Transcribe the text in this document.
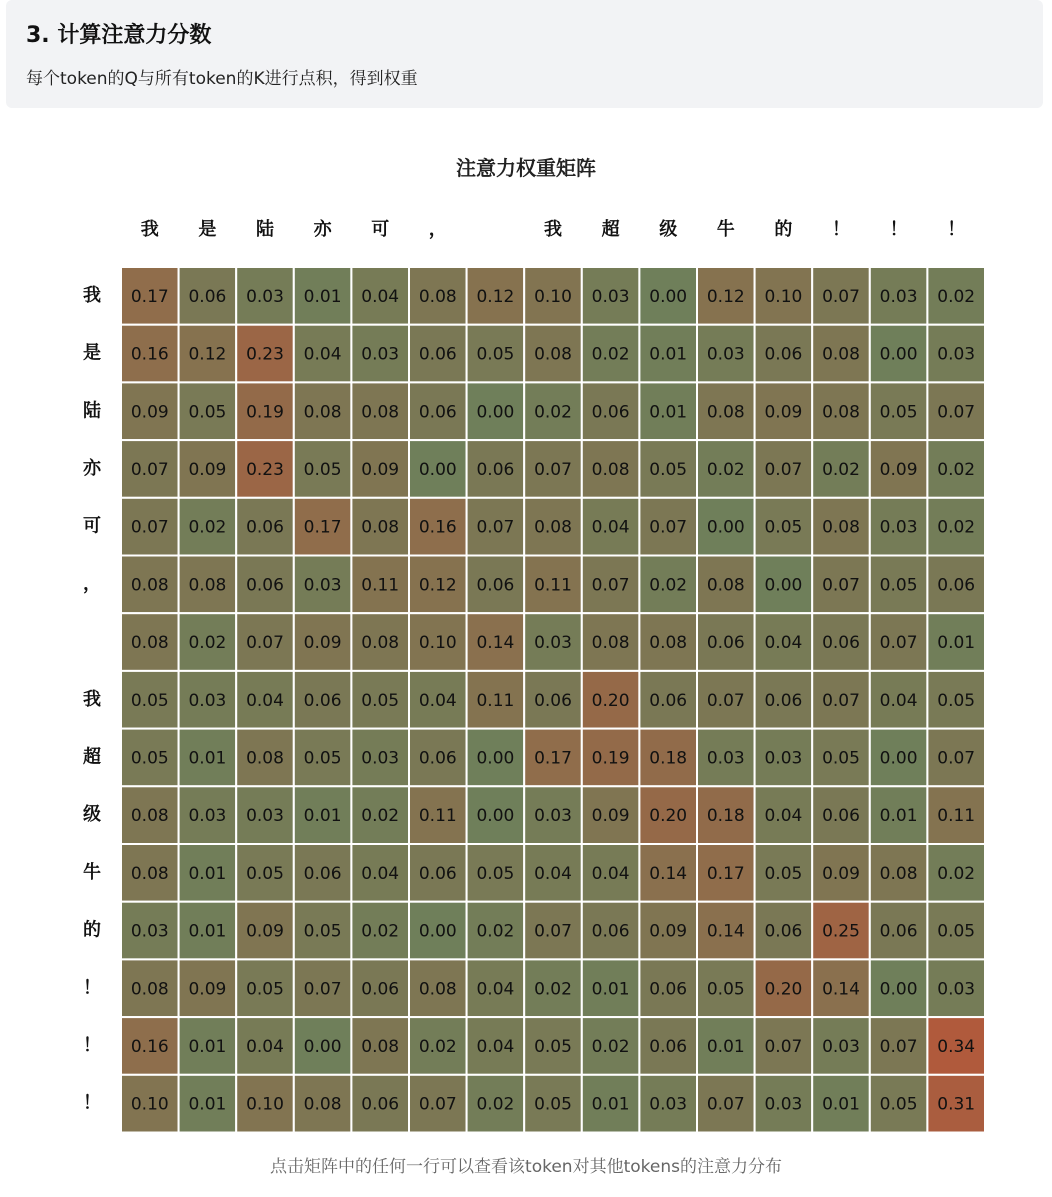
3. 计算注意力分数
每个token的Q与所有token的K进行点积，得到权重
注意力权重矩阵
我 是 陆 亦 可 ，	我 超 级 牛 的 ！ ！ ！
我
是
陆
亦
可
，
我
超
级
牛
的
！
！
！
0.17 0.06 0.03 0.01 0.04 0.08 0.12 0.10 0.03 0.00 0.12 0.10 0.07 0.03 0.02
0.16 0.12 0.23 0.04 0.03 0.06 0.05 0.08 0.02 0.01 0.03 0.06 0.08 0.00 0.03
0.09 0.05 0.19 0.08 0.08 0.06 0.00 0.02 0.06 0.01 0.08 0.09 0.08 0.05 0.07
0.07 0.09 0.23 0.05 0.09 0.00 0.06 0.07 0.08 0.05 0.02 0.07 0.02 0.09 0.02
0.07 0.02 0.06 0.17 0.08 0.16 0.07 0.08 0.04 0.07 0.00 0.05 0.08 0.03 0.02
0.08 0.08 0.06 0.03 0.11 0.12 0.06 0.11 0.07 0.02 0.08 0.00 0.07 0.05 0.06
0.08 0.02 0.07 0.09 0.08 0.10 0.14 0.03 0.08 0.08 0.06 0.04 0.06 0.07 0.01
0.05 0.03 0.04 0.06 0.05 0.04 0.11 0.06 0.20 0.06 0.07 0.06 0.07 0.04 0.05
0.05 0.01 0.08 0.05 0.03 0.06 0.00 0.17 0.19 0.18 0.03 0.03 0.05 0.00 0.07
0.08 0.03 0.03 0.01 0.02 0.11 0.00 0.03 0.09 0.20 0.18 0.04 0.06 0.01 0.11
0.08 0.01 0.05 0.06 0.04 0.06 0.05 0.04 0.04 0.14 0.17 0.05 0.09 0.08 0.02
0.03 0.01 0.09 0.05 0.02 0.00 0.02 0.07 0.06 0.09 0.14 0.06 0.25 0.06 0.05
0.08 0.09 0.05 0.07 0.06 0.08 0.04 0.02 0.01 0.06 0.05 0.20 0.14 0.00 0.03
0.16 0.01 0.04 0.00 0.08 0.02 0.04 0.05 0.02 0.06 0.01 0.07 0.03 0.07 0.34
0.10 0.01 0.10 0.08 0.06 0.07 0.02 0.05 0.01 0.03 0.07 0.03 0.01 0.05 0.31
点击矩阵中的任何一行可以查看该token对其他tokens的注意力分布
